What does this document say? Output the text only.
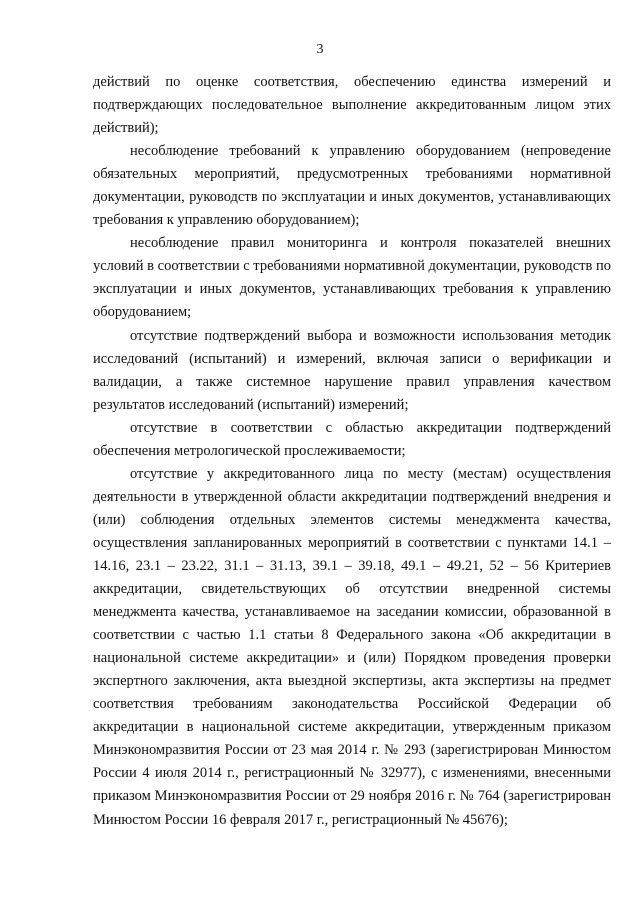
3

действий по оценке соответствия, обеспечению единства измерений и подтверждающих последовательное выполнение аккредитованным лицом этих действий);

несоблюдение требований к управлению оборудованием (непроведение обязательных мероприятий, предусмотренных требованиями нормативной документации, руководств по эксплуатации и иных документов, устанавливающих требования к управлению оборудованием);

несоблюдение правил мониторинга и контроля показателей внешних условий в соответствии с требованиями нормативной документации, руководств по эксплуатации и иных документов, устанавливающих требования к управлению оборудованием;

отсутствие подтверждений выбора и возможности использования методик исследований (испытаний) и измерений, включая записи о верификации и валидации, а также системное нарушение правил управления качеством результатов исследований (испытаний) измерений;

отсутствие в соответствии с областью аккредитации подтверждений обеспечения метрологической прослеживаемости;

отсутствие у аккредитованного лица по месту (местам) осуществления деятельности в утвержденной области аккредитации подтверждений внедрения и (или) соблюдения отдельных элементов системы менеджмента качества, осуществления запланированных мероприятий в соответствии с пунктами 14.1 – 14.16, 23.1 – 23.22, 31.1 – 31.13, 39.1 – 39.18, 49.1 – 49.21, 52 – 56 Критериев аккредитации, свидетельствующих об отсутствии внедренной системы менеджмента качества, устанавливаемое на заседании комиссии, образованной в соответствии с частью 1.1 статьи 8 Федерального закона «Об аккредитации в национальной системе аккредитации» и (или) Порядком проведения проверки экспертного заключения, акта выездной экспертизы, акта экспертизы на предмет соответствия требованиям законодательства Российской Федерации об аккредитации в национальной системе аккредитации, утвержденным приказом Минэкономразвития России от 23 мая 2014 г. № 293 (зарегистрирован Минюстом России 4 июля 2014 г., регистрационный № 32977), с изменениями, внесенными приказом Минэкономразвития России от 29 ноября 2016 г. № 764 (зарегистрирован Минюстом России 16 февраля 2017 г., регистрационный № 45676);
